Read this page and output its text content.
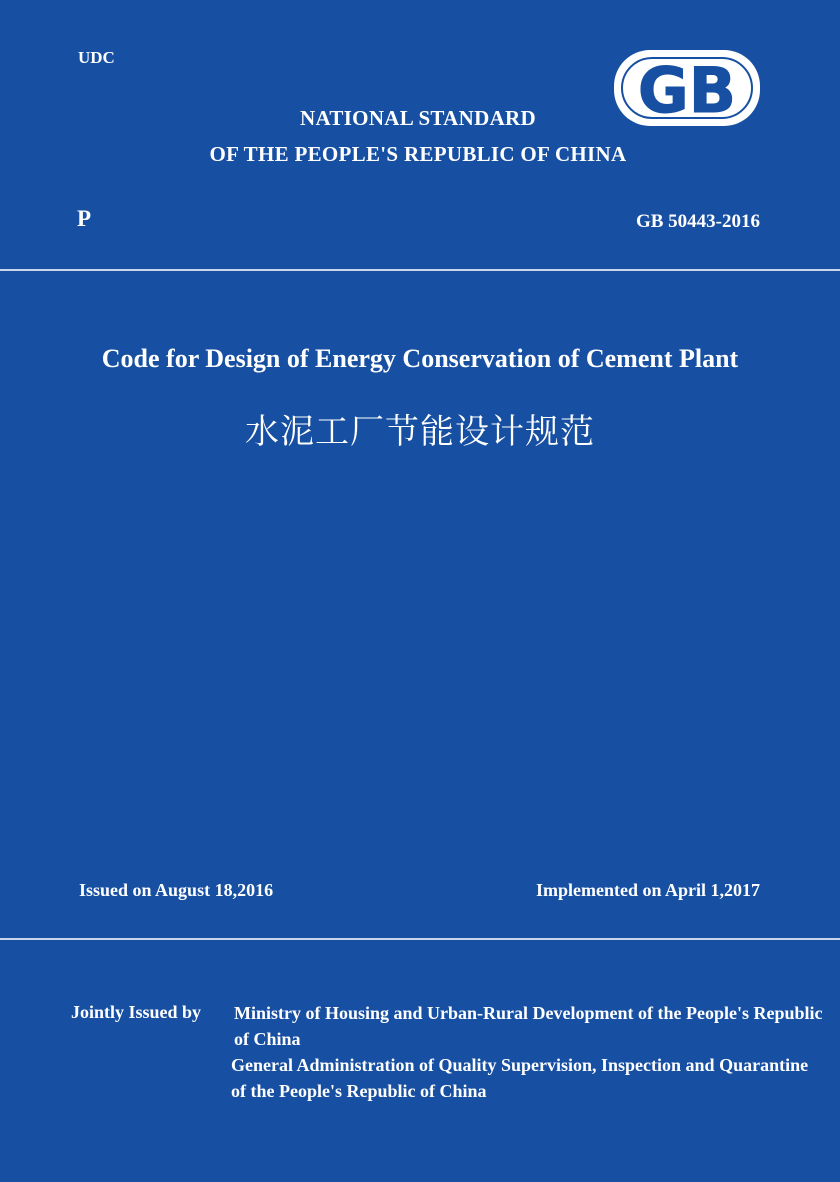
UDC
NATIONAL STANDARD
OF THE PEOPLE'S REPUBLIC OF CHINA
GB
P	GB 50443-2016
Code for Design of Energy Conservation of Cement Plant
水泥工厂节能设计规范
Issued on August 18,2016	Implemented on April 1,2017
Jointly Issued by Ministry of Housing and Urban-Rural Development of the People's Republic of China
General Administration of Quality Supervision, Inspection and Quarantine of the People's Republic of China
